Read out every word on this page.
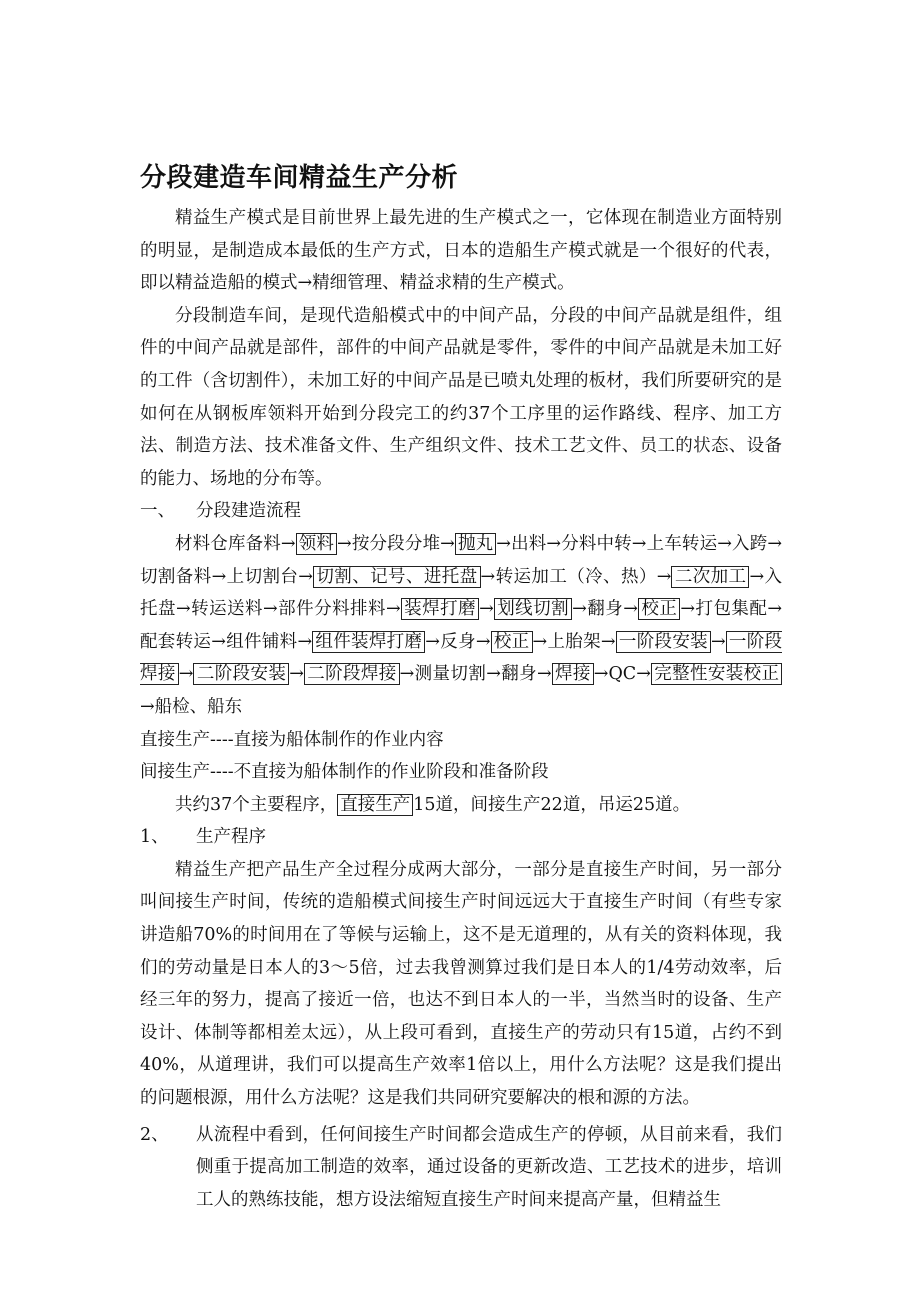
分段建造车间精益生产分析

精益生产模式是目前世界上最先进的生产模式之一，它体现在制造业方面特别的明显，是制造成本最低的生产方式，日本的造船生产模式就是一个很好的代表，即以精益造船的模式→精细管理、精益求精的生产模式。

分段制造车间，是现代造船模式中的中间产品，分段的中间产品就是组件，组件的中间产品就是部件，部件的中间产品就是零件，零件的中间产品就是未加工好的工件（含切割件），未加工好的中间产品是已喷丸处理的板材，我们所要研究的是如何在从钢板库领料开始到分段完工的约37个工序里的运作路线、程序、加工方法、制造方法、技术准备文件、生产组织文件、技术工艺文件、员工的状态、设备的能力、场地的分布等。

一、	分段建造流程

材料仓库备料→ 领料 →按分段分堆→ 抛丸 →出料→分料中转→上车转运→入跨→切割备料→上切割台→ 切割、记号、进托盘 →转运加工（冷、热）→ 二次加工 →入托盘→转运送料→部件分料排料→ 装焊打磨 → 划线切割 →翻身→ 校正 →打包集配→配套转运→组件铺料→ 组件装焊打磨 →反身→ 校正 →上胎架→ 一阶段安装 → 一阶段焊接 → 二阶段安装 → 二阶段焊接 →测量切割→翻身→ 焊接 →QC→ 完整性安装校正→船检、船东

直接生产----直接为船体制作的作业内容

间接生产----不直接为船体制作的作业阶段和准备阶段

共约37个主要程序， 直接生产 15道，间接生产22道，吊运25道。

1、	生产程序

精益生产把产品生产全过程分成两大部分，一部分是直接生产时间，另一部分叫间接生产时间，传统的造船模式间接生产时间远远大于直接生产时间（有些专家讲造船70%的时间用在了等候与运输上，这不是无道理的，从有关的资料体现，我们的劳动量是日本人的3～5倍，过去我曾测算过我们是日本人的1/4劳动效率，后经三年的努力，提高了接近一倍，也达不到日本人的一半，当然当时的设备、生产设计、体制等都相差太远），从上段可看到，直接生产的劳动只有15道，占约不到40%，从道理讲，我们可以提高生产效率1倍以上，用什么方法呢？这是我们提出的问题根源，用什么方法呢？这是我们共同研究要解决的根和源的方法。

2、	从流程中看到，任何间接生产时间都会造成生产的停顿，从目前来看，我们侧重于提高加工制造的效率，通过设备的更新改造、工艺技术的进步，培训工人的熟练技能，想方设法缩短直接生产时间来提高产量，但精益生
